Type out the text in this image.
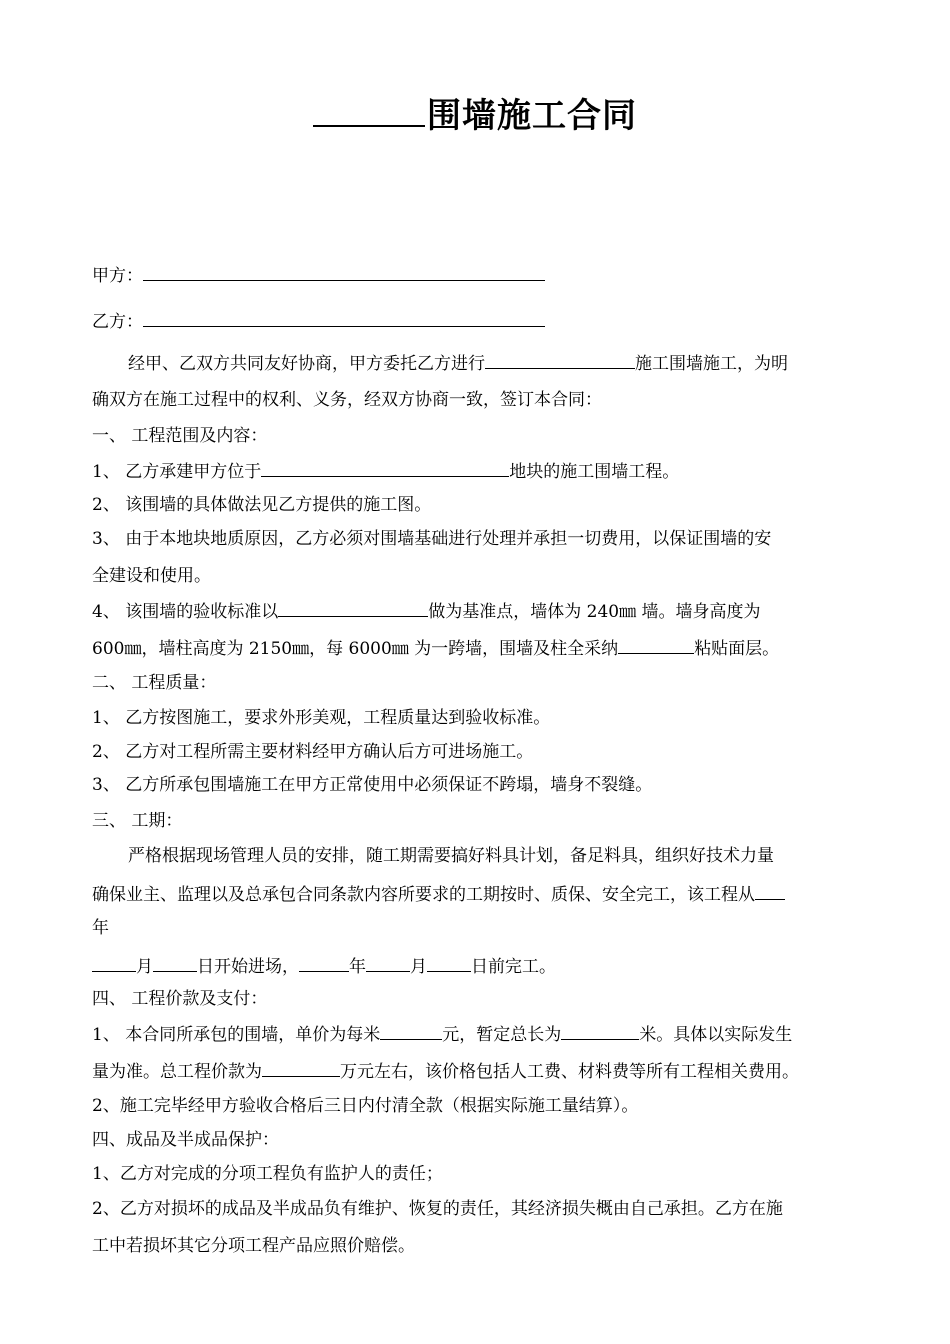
围墙施工合同
甲方：
乙方：
经甲、乙双方共同友好协商，甲方委托乙方进行	施工围墙施工，为明
确双方在施工过程中的权利、义务，经双方协商一致，签订本合同：
一、 工程范围及内容：
1、 乙方承建甲方位于	地块的施工围墙工程。
2、 该围墙的具体做法见乙方提供的施工图。
3、 由于本地块地质原因，乙方必须对围墙基础进行处理并承担一切费用，以保证围墙的安
全建设和使用。
4、 该围墙的验收标准以	做为基准点，墙体为 240㎜ 墙。墙身高度为
600㎜，墙柱高度为 2150㎜，每 6000㎜ 为一跨墙，围墙及柱全采纳	粘贴面层。
二、 工程质量：
1、 乙方按图施工，要求外形美观，工程质量达到验收标准。
2、 乙方对工程所需主要材料经甲方确认后方可进场施工。
3、 乙方所承包围墙施工在甲方正常使用中必须保证不跨塌，墙身不裂缝。
三、 工期：
严格根据现场管理人员的安排，随工期需要搞好料具计划，备足料具，组织好技术力量
确保业主、监理以及总承包合同条款内容所要求的工期按时、质保、安全完工，该工程从
年
月	日开始进场，	年	月	日前完工。
四、 工程价款及支付：
1、 本合同所承包的围墙，单价为每米	元，暂定总长为	米。具体以实际发生
量为准。总工程价款为	万元左右，该价格包括人工费、材料费等所有工程相关费用。
2、施工完毕经甲方验收合格后三日内付清全款（根据实际施工量结算）。
四、成品及半成品保护：
1、乙方对完成的分项工程负有监护人的责任；
2、乙方对损坏的成品及半成品负有维护、恢复的责任，其经济损失概由自己承担。乙方在施
工中若损坏其它分项工程产品应照价赔偿。
